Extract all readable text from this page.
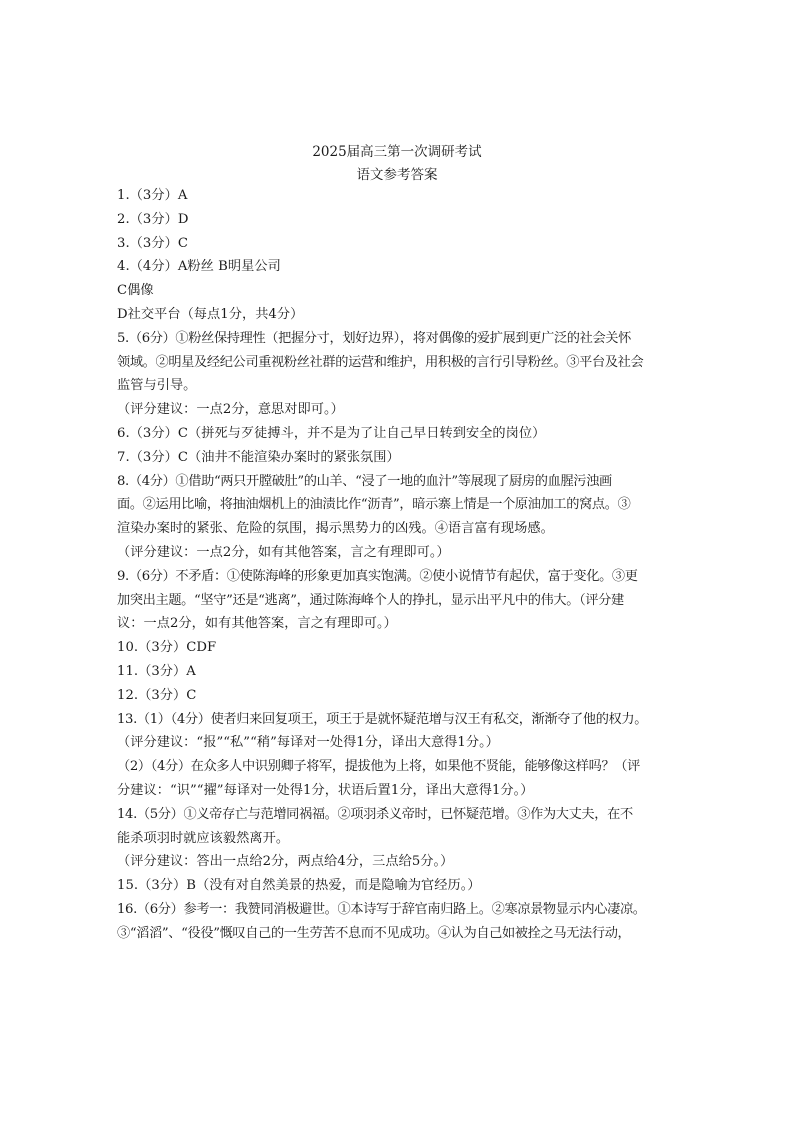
2025届高三第一次调研考试
语文参考答案
1.（3分）A
2.（3分）D
3.（3分）C
4.（4分）A粉丝 B明星公司
C偶像
D社交平台（每点1分，共4分）
5.（6分）①粉丝保持理性（把握分寸，划好边界），将对偶像的爱扩展到更广泛的社会关怀
领域。②明星及经纪公司重视粉丝社群的运营和维护，用积极的言行引导粉丝。③平台及社会
监管与引导。
（评分建议：一点2分，意思对即可。）
6.（3分）C（拼死与歹徒搏斗，并不是为了让自己早日转到安全的岗位）
7.（3分）C（油井不能渲染办案时的紧张氛围）
8.（4分）①借助“两只开膛破肚”的山羊、“浸了一地的血汁”等展现了厨房的血腥污浊画
面。②运用比喻，将抽油烟机上的油渍比作“沥青”，暗示寨上情是一个原油加工的窝点。③
渲染办案时的紧张、危险的氛围，揭示黑势力的凶残。④语言富有现场感。
（评分建议：一点2分，如有其他答案，言之有理即可。）
9.（6分）不矛盾：①使陈海峰的形象更加真实饱满。②使小说情节有起伏，富于变化。③更
加突出主题。“坚守”还是“逃离”，通过陈海峰个人的挣扎，显示出平凡中的伟大。（评分建
议：一点2分，如有其他答案，言之有理即可。）
10.（3分）CDF
11.（3分）A
12.（3分）C
13.（1）（4分）使者归来回复项王，项王于是就怀疑范增与汉王有私交，渐渐夺了他的权力。
（评分建议：“报”“私”“稍”每译对一处得1分，译出大意得1分。）
（2）（4分）在众多人中识别卿子将军，提拔他为上将，如果他不贤能，能够像这样吗？（评
分建议：“识”“擢”每译对一处得1分，状语后置1分，译出大意得1分。）
14.（5分）①义帝存亡与范增同祸福。②项羽杀义帝时，已怀疑范增。③作为大丈夫，在不
能杀项羽时就应该毅然离开。
（评分建议：答出一点给2分，两点给4分，三点给5分。）
15.（3分）B（没有对自然美景的热爱，而是隐喻为官经历。）
16.（6分）参考一：我赞同消极避世。①本诗写于辞官南归路上。②寒凉景物显示内心凄凉。
③“滔滔”、“役役”慨叹自己的一生劳苦不息而不见成功。④认为自己如被拴之马无法行动，
